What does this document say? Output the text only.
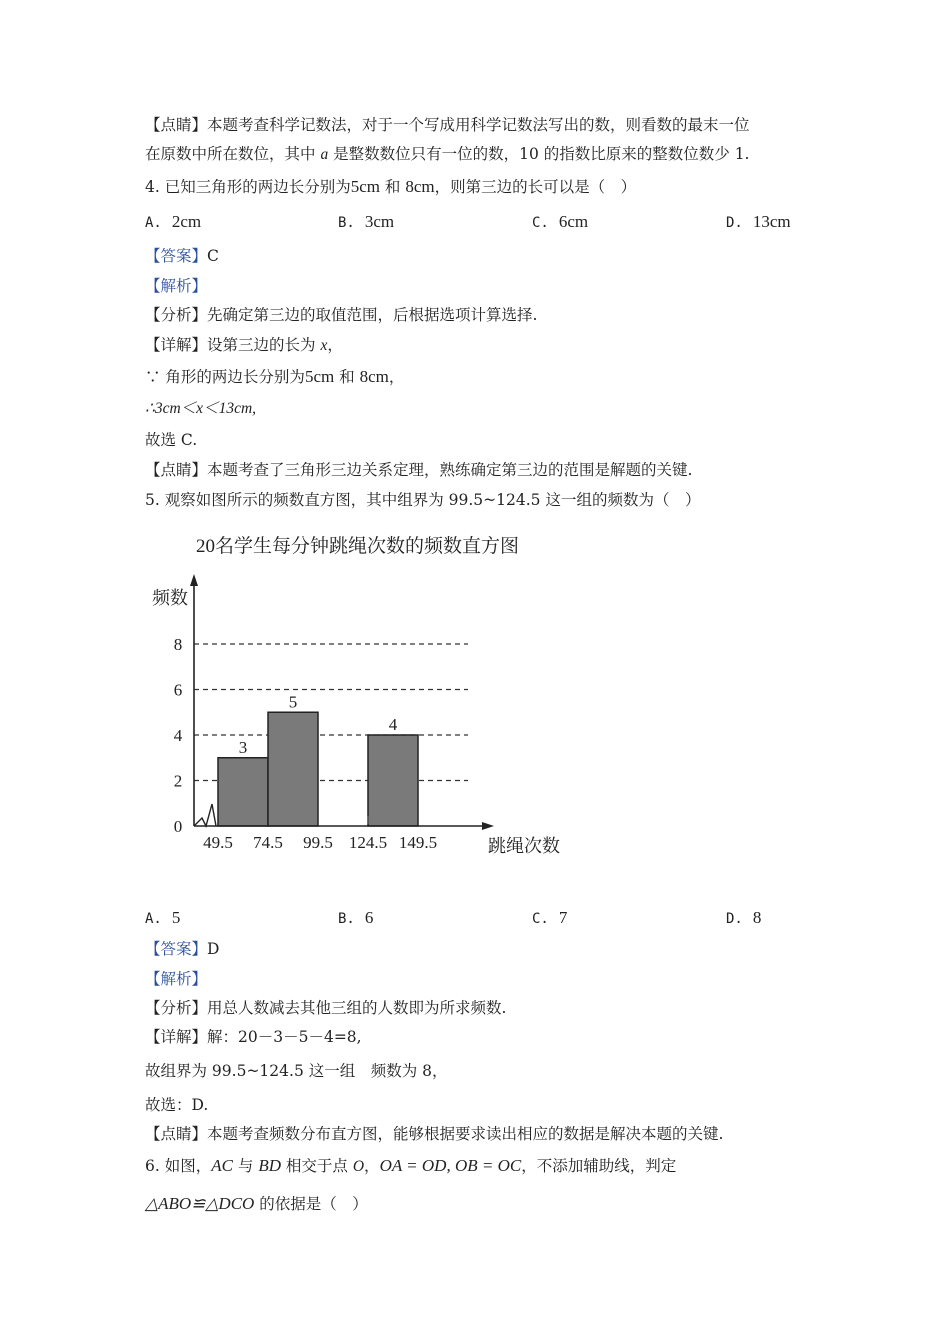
【点睛】本题考查科学记数法，对于一个写成用科学记数法写出的数，则看数的最末一位
在原数中所在数位，其中 a 是整数数位只有一位的数，10 的指数比原来的整数位数少 1.
4. 已知三角形的两边长分别为5cm 和 8cm，则第三边的长可以是（　）
A. 2cm	B. 3cm	C. 6cm	D. 13cm
【答案】C
【解析】
【分析】先确定第三边的取值范围，后根据选项计算选择.
【详解】设第三边的长为 x，
∵ 角形的两边长分别为5cm 和 8cm，
∴3cm＜x＜13cm,
故选 C.
【点睛】本题考查了三角形三边关系定理，熟练确定第三边的范围是解题的关键.
5. 观察如图所示的频数直方图，其中组界为 99.5~124.5 这一组的频数为（　）
20名学生每分钟跳绳次数的频数直方图
频数
跳绳次数
3
5
4
0
2
4
6
8
49.5 74.5 99.5 124.5 149.5
A. 5	B. 6	C. 7	D. 8
【答案】D
【解析】
【分析】用总人数减去其他三组的人数即为所求频数.
【详解】解：20－3－5－4=8,
故组界为 99.5~124.5 这一组　频数为 8，
故选：D.
【点睛】本题考查频数分布直方图，能够根据要求读出相应的数据是解决本题的关键.
6. 如图，AC 与 BD 相交于点 O，OA = OD, OB = OC，不添加辅助线，判定
△ABO≌△DCO 的依据是（　）
